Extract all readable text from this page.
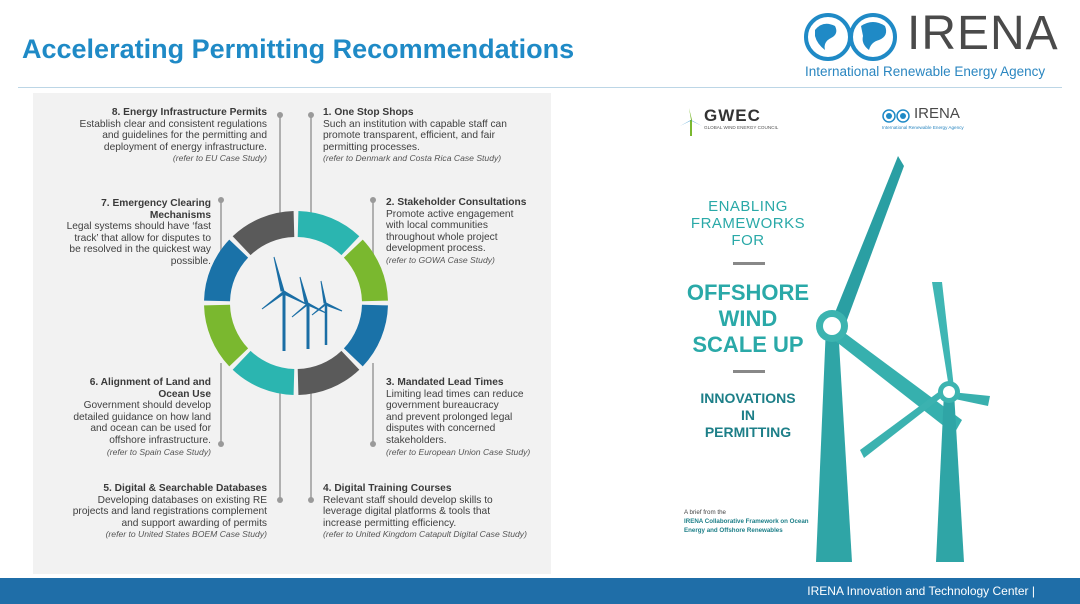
Accelerating Permitting Recommendations	IRENA
International Renewable Energy Agency
1. One Stop Shops
Such an institution with capable staff can
promote transparent, efficient, and fair
permitting processes.
(refer to Denmark and Costa Rica Case Study)
2. Stakeholder Consultations
Promote active engagement
with local communities
throughout whole project
development process.
(refer to GOWA Case Study)
3. Mandated Lead Times
Limiting lead times can reduce
government bureaucracy
and prevent prolonged legal
disputes with concerned
stakeholders.
(refer to European Union Case Study)
4. Digital Training Courses
Relevant staff should develop skills to
leverage digital platforms & tools that
increase permitting efficiency.
(refer to United Kingdom Catapult Digital Case Study)
5. Digital & Searchable Databases
Developing databases on existing RE
projects and land registrations complement
and support awarding of permits
(refer to United States BOEM Case Study)
6. Alignment of Land and
Ocean Use
Government should develop
detailed guidance on how land
and ocean can be used for
offshore infrastructure.
(refer to Spain Case Study)
7. Emergency Clearing
Mechanisms
Legal systems should have ‘fast
track’ that allow for disputes to
be resolved in the quickest way
possible.
8. Energy Infrastructure Permits
Establish clear and consistent regulations
and guidelines for the permitting and
deployment of energy infrastructure.
(refer to EU Case Study)
GWEC
GLOBAL WIND ENERGY COUNCIL
IRENA
International Renewable Energy Agency
ENABLING
FRAMEWORKS
FOR
OFFSHORE
WIND
SCALE UP
INNOVATIONS
IN
PERMITTING
A brief from the
IRENA Collaborative Framework on Ocean
Energy and Offshore Renewables
IRENA Innovation and Technology Center |
